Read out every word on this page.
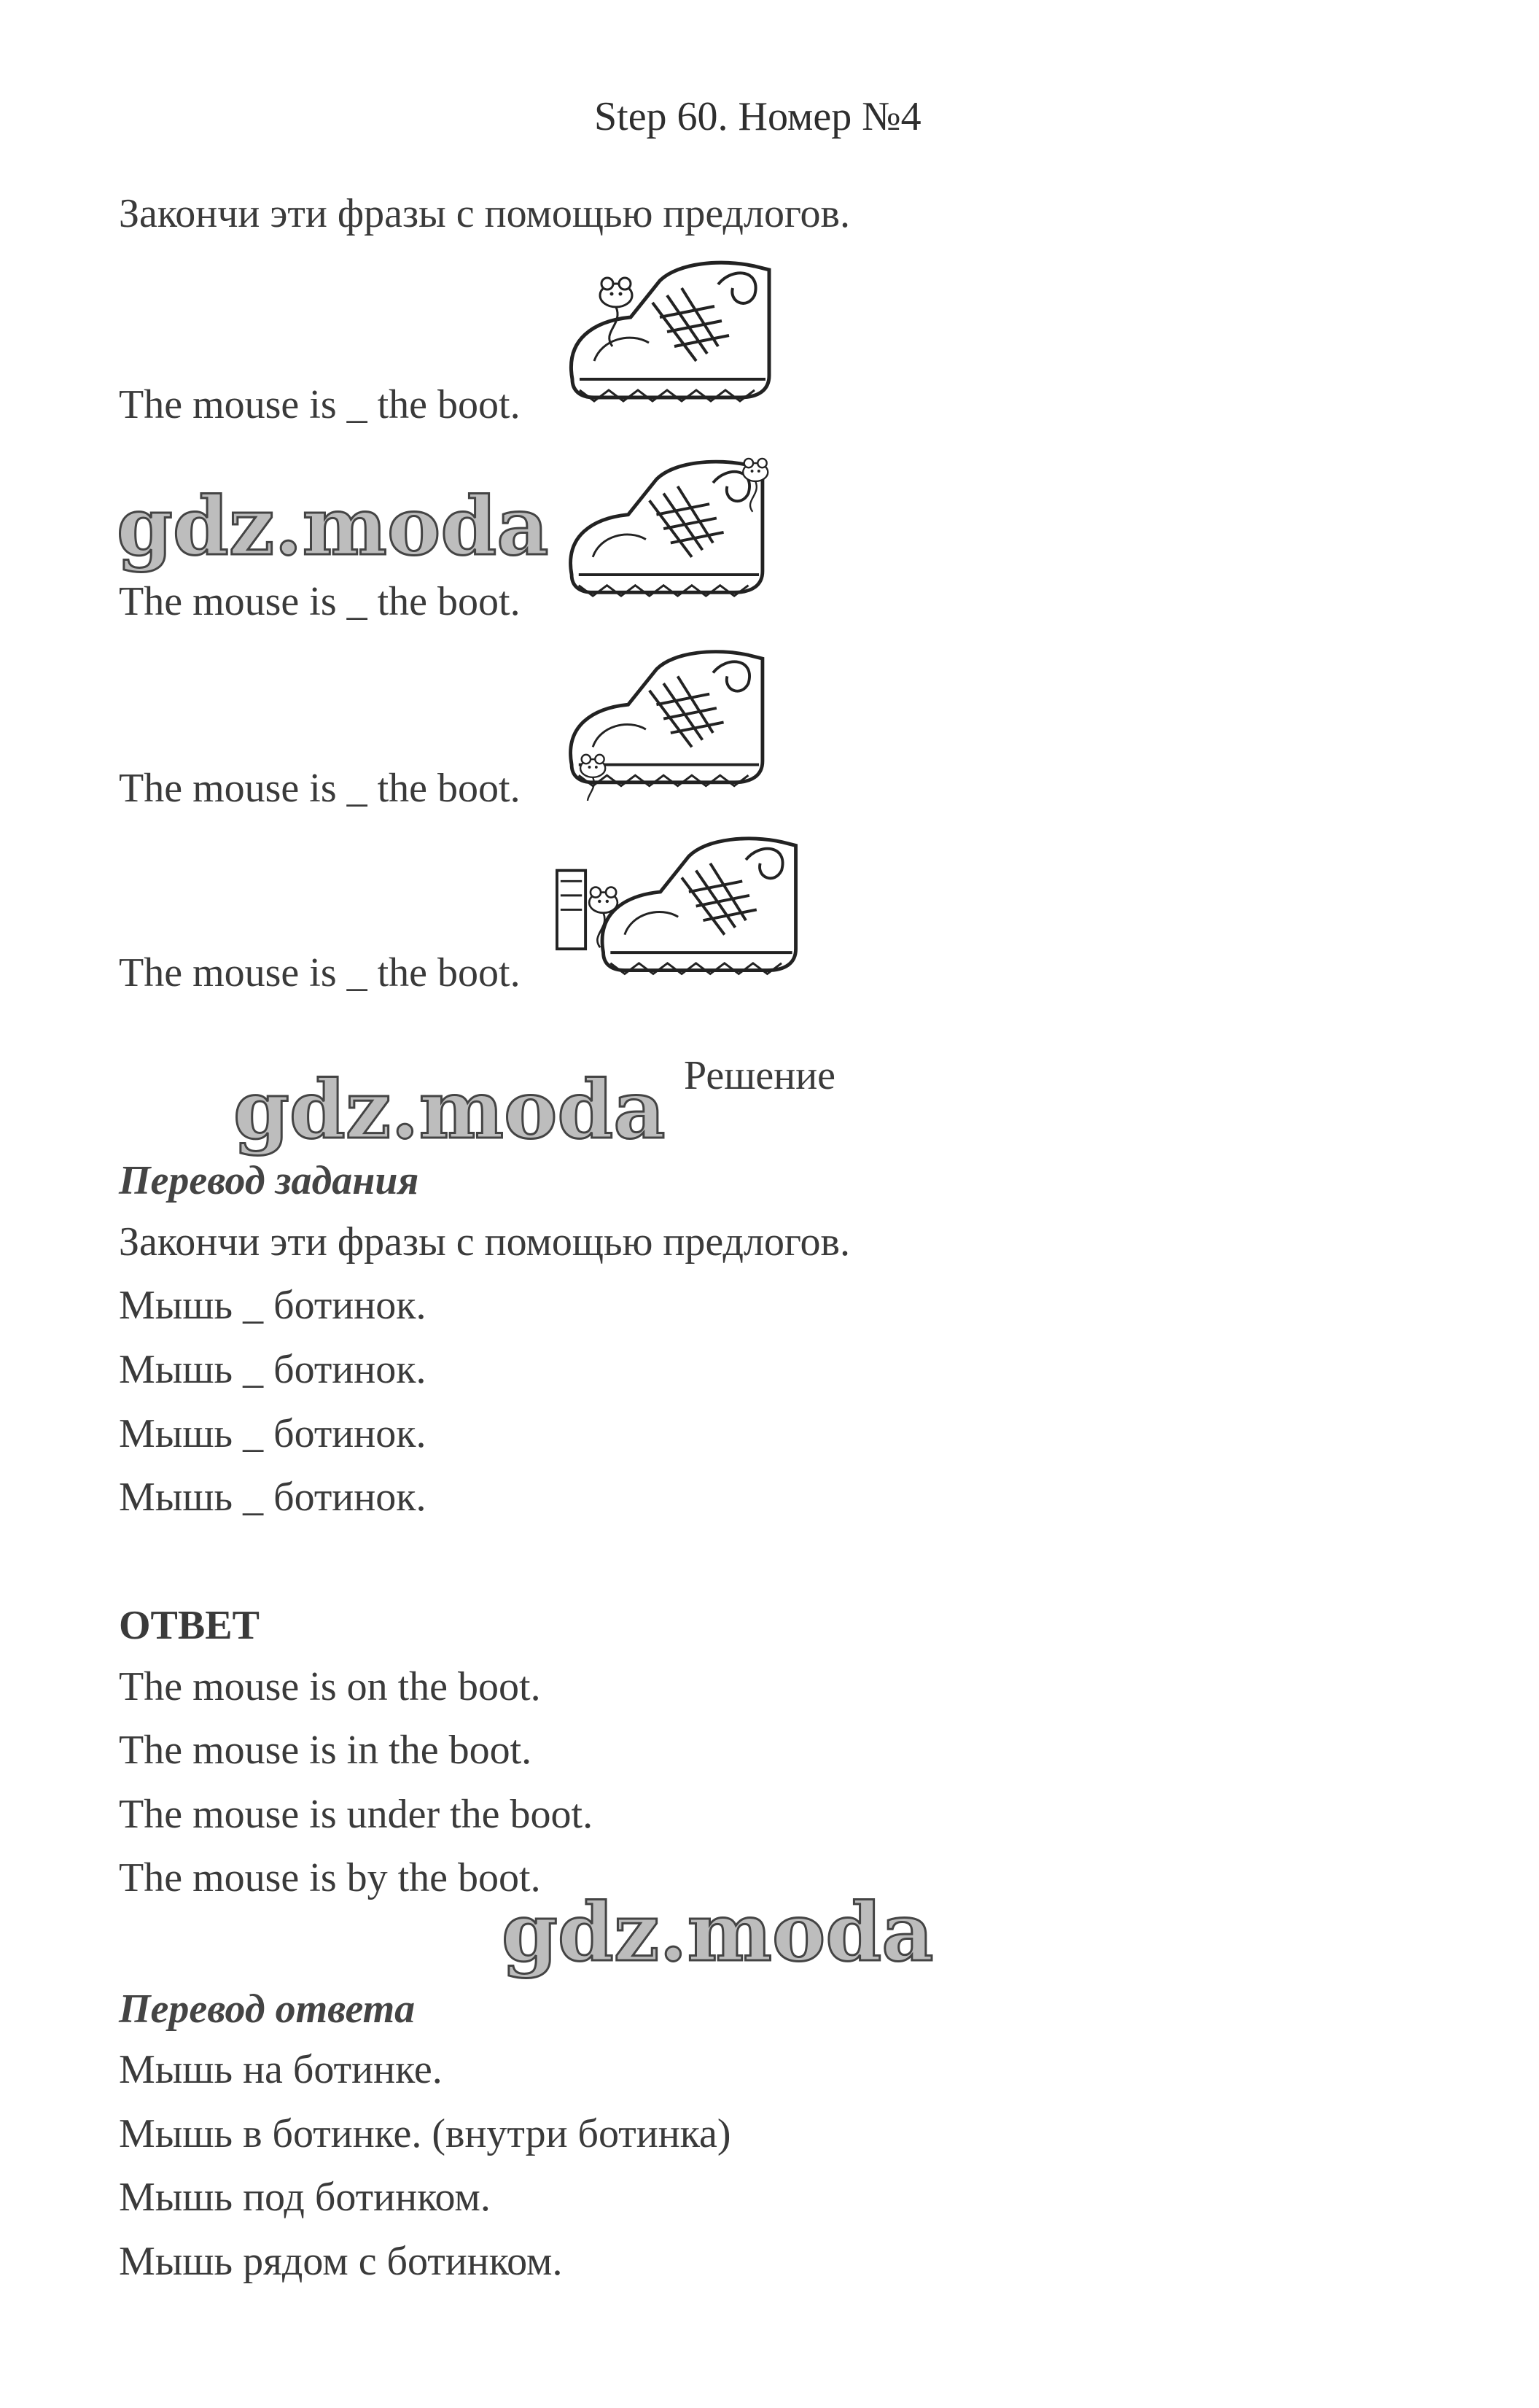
Step 60. Номер №4
Закончи эти фразы с помощью предлогов.
The mouse is _ the boot.
The mouse is _ the boot.
The mouse is _ the boot.
The mouse is _ the boot.
gdz.moda
Решение
gdz.moda
Перевод задания
Закончи эти фразы с помощью предлогов.
Мышь _ ботинок.
Мышь _ ботинок.
Мышь _ ботинок.
Мышь _ ботинок.
ОТВЕТ
The mouse is on the boot.
The mouse is in the boot.
The mouse is under the boot.
The mouse is by the boot.
gdz.moda
Перевод ответа
Мышь на ботинке.
Мышь в ботинке. (внутри ботинка)
Мышь под ботинком.
Мышь рядом с ботинком.
